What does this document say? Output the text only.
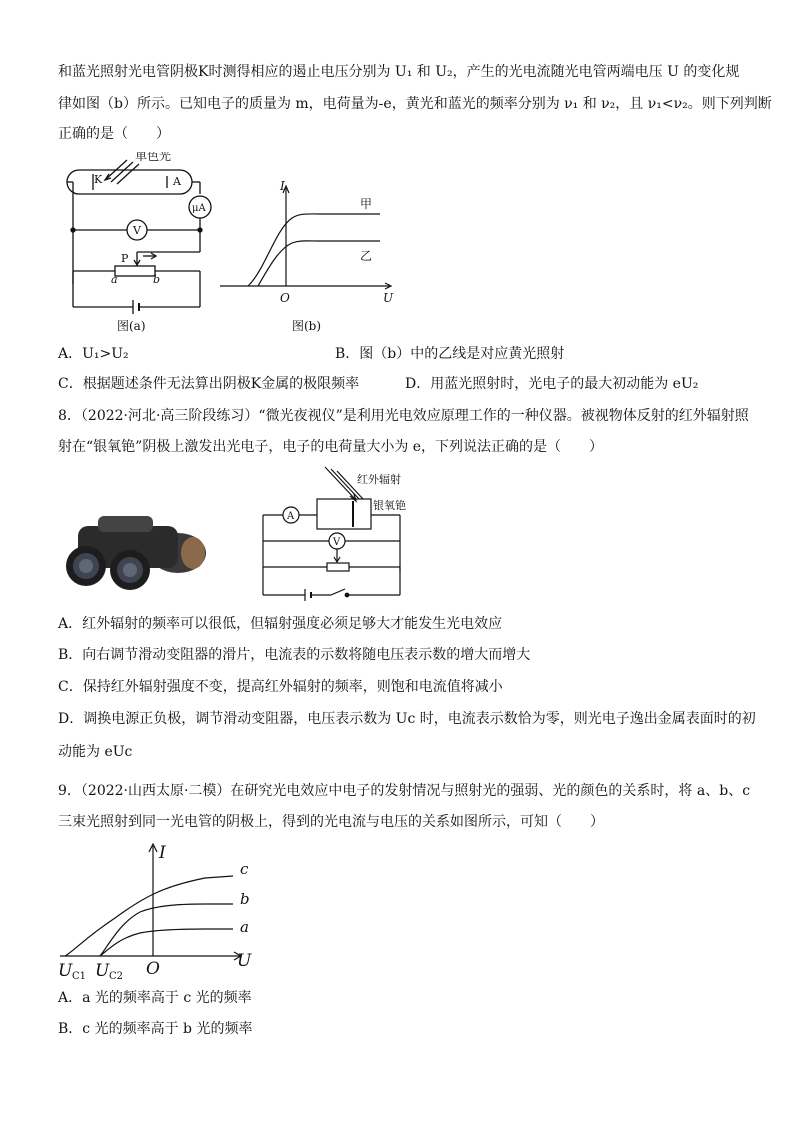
和蓝光照射光电管阴极K时测得相应的遏止电压分别为 U₁ 和 U₂，产生的光电流随光电管两端电压 U 的变化规
律如图（b）所示。已知电子的质量为 m，电荷量为-e，黄光和蓝光的频率分别为 ν₁ 和 ν₂，且 ν₁<ν₂。则下列判断
正确的是（　　）
单色光
K	A
μA
V
P
a	b
图(a)
I
U
O
甲
乙
图(b)
A．U₁>U₂	B．图（b）中的乙线是对应黄光照射
C．根据题述条件无法算出阴极K金属的极限频率	D．用蓝光照射时，光电子的最大初动能为 eU₂
8．（2022·河北·高三阶段练习）“微光夜视仪”是利用光电效应原理工作的一种仪器。被视物体反射的红外辐射照
射在“银氧铯”阴极上激发出光电子，电子的电荷量大小为 e，下列说法正确的是（　　）
红外辐射
银氧铯
A
V
A．红外辐射的频率可以很低，但辐射强度必须足够大才能发生光电效应
B．向右调节滑动变阻器的滑片，电流表的示数将随电压表示数的增大而增大
C．保持红外辐射强度不变，提高红外辐射的频率，则饱和电流值将减小
D．调换电源正负极，调节滑动变阻器，电压表示数为 Uc 时，电流表示数恰为零，则光电子逸出金属表面时的初
动能为 eUc
9．（2022·山西太原·二模）在研究光电效应中电子的发射情况与照射光的强弱、光的颜色的关系时，将 a、b、c
三束光照射到同一光电管的阴极上，得到的光电流与电压的关系如图所示，可知（　　）
I
U
O
c
b
a
U C1 U C2
A．a 光的频率高于 c 光的频率
B．c 光的频率高于 b 光的频率
